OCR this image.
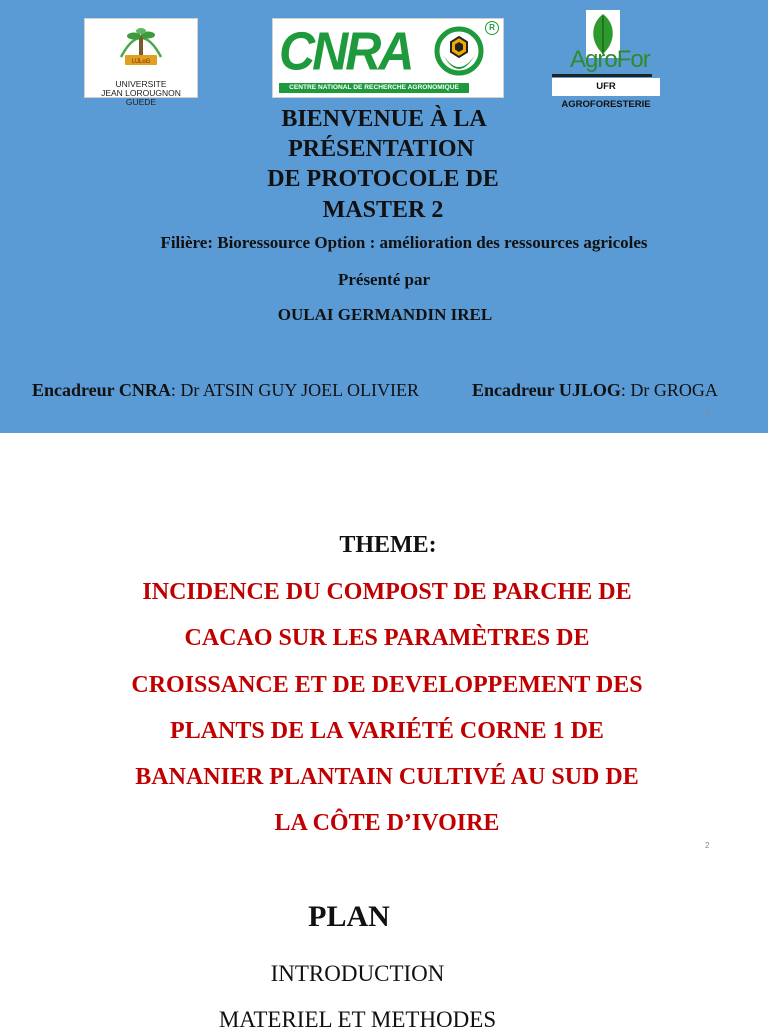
UJLoG
UNIVERSITE
JEAN LOROUGNON GUEDE
CNRA	R
CENTRE NATIONAL DE RECHERCHE AGRONOMIQUE
AgroFor
UFR AGROFORESTERIE
BIENVENUE À LA
PRÉSENTATION
DE PROTOCOLE DE
MASTER 2
Filière: Bioressource Option : amélioration des ressources agricoles
Présenté par
OULAI GERMANDIN IREL
Encadreur CNRA: Dr ATSIN GUY JOEL OLIVIER	Encadreur UJLOG: Dr GROGA
1
THEME:
INCIDENCE DU COMPOST DE PARCHE DE
CACAO SUR LES PARAMÈTRES DE
CROISSANCE ET DE DEVELOPPEMENT DES
PLANTS DE LA VARIÉTÉ CORNE 1 DE
BANANIER PLANTAIN CULTIVÉ AU SUD DE
LA CÔTE D’IVOIRE
2
PLAN
INTRODUCTION
MATERIEL ET METHODES
